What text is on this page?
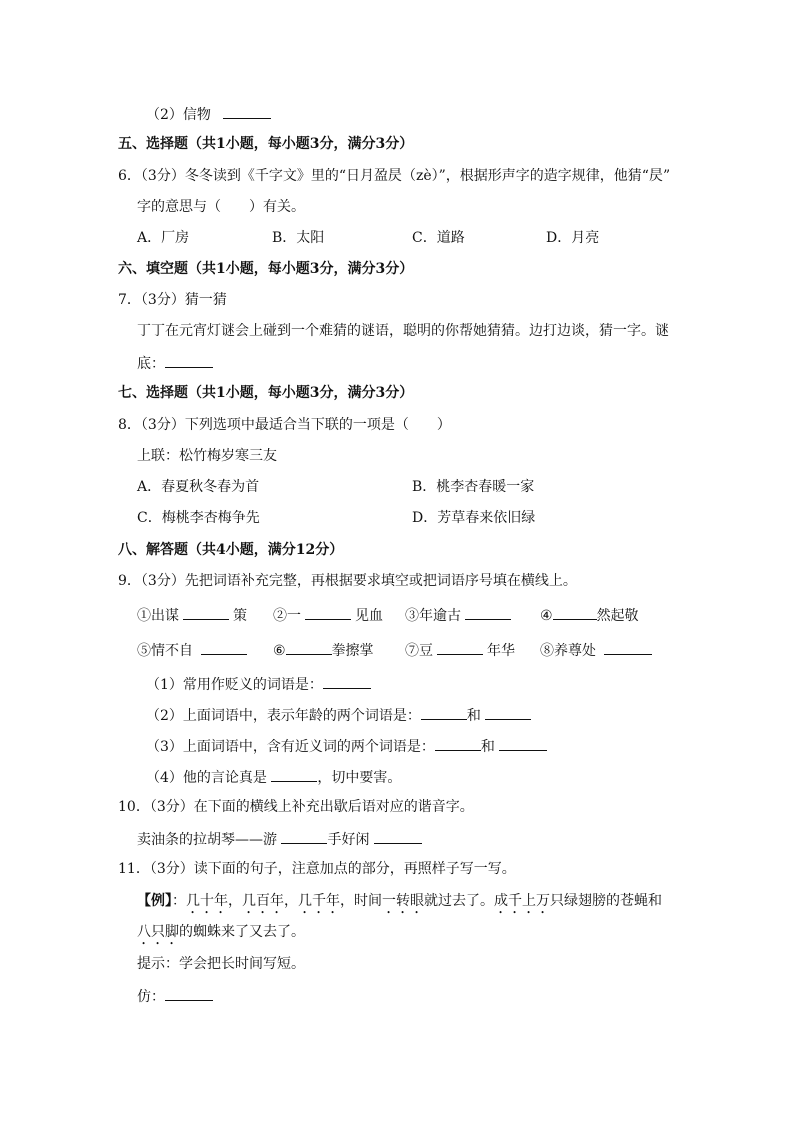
（2）信物
五、选择题（共1小题，每小题3分，满分3分）
6．（3分）冬冬读到《千字文》里的“日月盈昃（zè）”，根据形声字的造字规律，他猜“昃”
字的意思与（　　）有关。
A．厂房	B．太阳	C．道路	D．月亮
六、填空题（共1小题，每小题3分，满分3分）
7．（3分）猜一猜
丁丁在元宵灯谜会上碰到一个难猜的谜语，聪明的你帮她猜猜。边打边谈，猜一字。谜
底：
七、选择题（共1小题，每小题3分，满分3分）
8．（3分）下列选项中最适合当下联的一项是（　　）
上联：松竹梅岁寒三友
A．春夏秋冬春为首	B．桃李杏春暖一家
C．梅桃李杏梅争先	D．芳草春来依旧绿
八、解答题（共4小题，满分12分）
9．（3分）先把词语补充完整，再根据要求填空或把词语序号填在横线上。
①出谋	策 ②一	见血 ③年逾古	④	然起敬
⑤情不自	⑥	拳擦掌 ⑦豆	年华 ⑧养尊处
（1）常用作贬义的词语是：
（2）上面词语中，表示年龄的两个词语是：	和
（3）上面词语中，含有近义词的两个词语是：	和
（4）他的言论真是	，切中要害。
10．（3分）在下面的横线上补充出歇后语对应的谐音字。
卖油条的拉胡琴——游	手好闲
11．（3分）读下面的句子，注意加点的部分，再照样子写一写。
【例】：几十年，几百年，几千年，时间一转眼就过去了。成千上万只绿翅膀的苍蝇和
八只脚的蜘蛛来了又去了。
提示：学会把长时间写短。
仿：
